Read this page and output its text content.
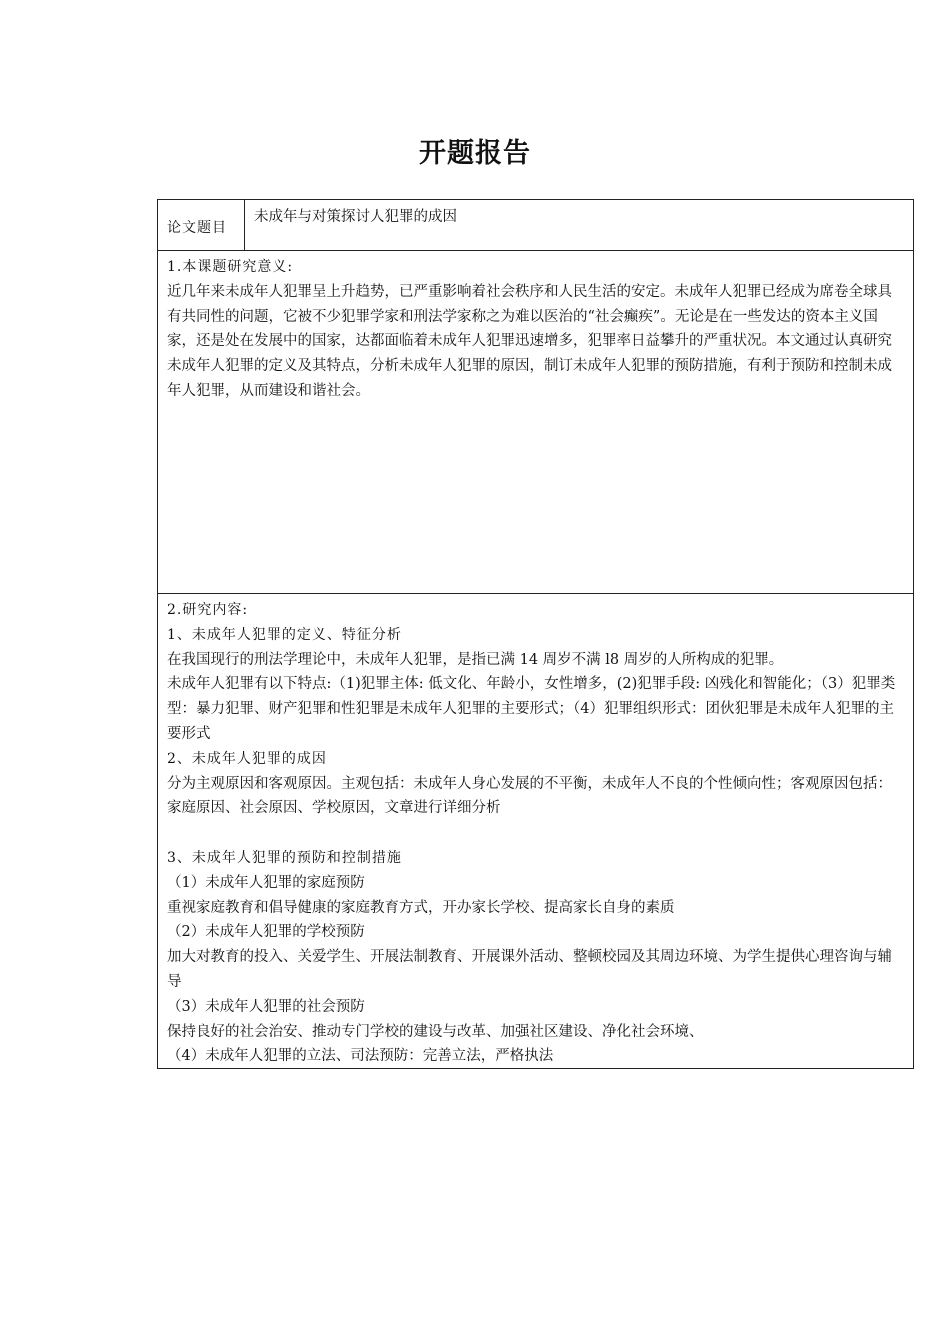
开题报告
论文题目
未成年与对策探讨人犯罪的成因

1.本课题研究意义:

近几年来未成年人犯罪呈上升趋势，已严重影响着社会秩序和人民生活的安定。未成年人犯罪已经成为席卷全球具有共同性的问题，它被不少犯罪学家和刑法学家称之为难以医治的“社会癫疾”。无论是在一些发达的资本主义国家，还是处在发展中的国家，达都面临着未成年人犯罪迅速增多，犯罪率日益攀升的严重状况。本文通过认真研究未成年人犯罪的定义及其特点，分析未成年人犯罪的原因，制订未成年人犯罪的预防措施，有利于预防和控制未成年人犯罪，从而建设和谐社会。

2.研究内容:

1、未成年人犯罪的定义、特征分析

在我国现行的刑法学理论中，未成年人犯罪，是指已满 14 周岁不满 l8 周岁的人所构成的犯罪。

未成年人犯罪有以下特点:（1)犯罪主体: 低文化、年龄小，女性增多，(2)犯罪手段: 凶残化和智能化；（3）犯罪类型：暴力犯罪、财产犯罪和性犯罪是未成年人犯罪的主要形式；（4）犯罪组织形式：团伙犯罪是未成年人犯罪的主要形式

2、未成年人犯罪的成因

分为主观原因和客观原因。主观包括：未成年人身心发展的不平衡，未成年人不良的个性倾向性；客观原因包括：家庭原因、社会原因、学校原因，文章进行详细分析

3、未成年人犯罪的预防和控制措施

（1）未成年人犯罪的家庭预防

重视家庭教育和倡导健康的家庭教育方式，开办家长学校、提高家长自身的素质

（2）未成年人犯罪的学校预防

加大对教育的投入、关爱学生、开展法制教育、开展课外活动、整顿校园及其周边环境、为学生提供心理咨询与辅导

（3）未成年人犯罪的社会预防

保持良好的社会治安、推动专门学校的建设与改革、加强社区建设、净化社会环境、

（4）未成年人犯罪的立法、司法预防：完善立法，严格执法
